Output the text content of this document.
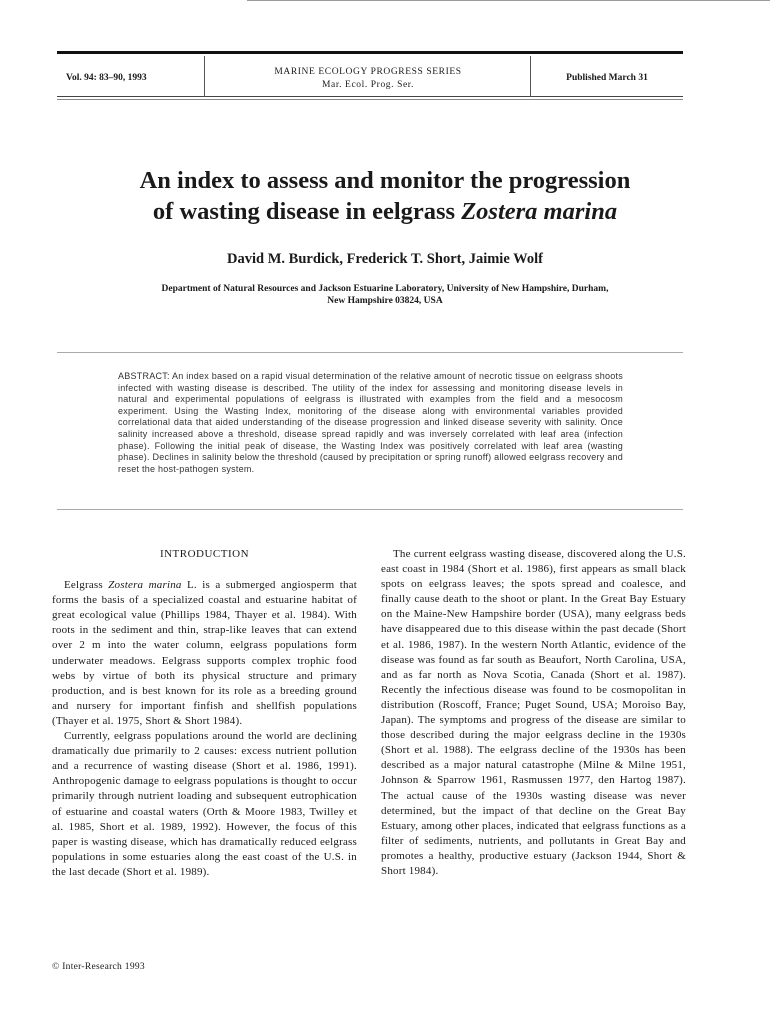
Vol. 94: 83–90, 1993
MARINE ECOLOGY PROGRESS SERIES
Mar. Ecol. Prog. Ser.
Published March 31
An index to assess and monitor the progression
of wasting disease in eelgrass Zostera marina
David M. Burdick, Frederick T. Short, Jaimie Wolf
Department of Natural Resources and Jackson Estuarine Laboratory, University of New Hampshire, Durham,
New Hampshire 03824, USA
ABSTRACT: An index based on a rapid visual determination of the relative amount of necrotic tissue on eelgrass shoots infected with wasting disease is described. The utility of the index for assessing and monitoring disease levels in natural and experimental populations of eelgrass is illustrated with examples from the field and a mesocosm experiment. Using the Wasting Index, monitoring of the disease along with environmental variables provided correlational data that aided understanding of the disease progression and linked disease severity with salinity. Once salinity increased above a threshold, disease spread rapidly and was inversely correlated with leaf area (infection phase). Following the initial peak of disease, the Wasting Index was positively correlated with leaf area (wasting phase). Declines in salinity below the threshold (caused by precipitation or spring runoff) allowed eelgrass recovery and reset the host-pathogen system.
INTRODUCTION

Eelgrass Zostera marina L. is a submerged angiosperm that forms the basis of a specialized coastal and estuarine habitat of great ecological value (Phillips 1984, Thayer et al. 1984). With roots in the sediment and thin, strap-like leaves that can extend over 2 m into the water column, eelgrass populations form underwater meadows. Eelgrass supports complex trophic food webs by virtue of both its physical structure and primary production, and is best known for its role as a breeding ground and nursery for important finfish and shellfish populations (Thayer et al. 1975, Short & Short 1984).

Currently, eelgrass populations around the world are declining dramatically due primarily to 2 causes: excess nutrient pollution and a recurrence of wasting disease (Short et al. 1986, 1991). Anthropogenic damage to eelgrass populations is thought to occur primarily through nutrient loading and subsequent eutrophication of estuarine and coastal waters (Orth & Moore 1983, Twilley et al. 1985, Short et al. 1989, 1992). However, the focus of this paper is wasting disease, which has dramatically reduced eelgrass populations in some estuaries along the east coast of the U.S. in the last decade (Short et al. 1989).

The current eelgrass wasting disease, discovered along the U.S. east coast in 1984 (Short et al. 1986), first appears as small black spots on eelgrass leaves; the spots spread and coalesce, and finally cause death to the shoot or plant. In the Great Bay Estuary on the Maine-New Hampshire border (USA), many eelgrass beds have disappeared due to this disease within the past decade (Short et al. 1986, 1987). In the western North Atlantic, evidence of the disease was found as far south as Beaufort, North Carolina, USA, and as far north as Nova Scotia, Canada (Short et al. 1987). Recently the infectious disease was found to be cosmopolitan in distribution (Roscoff, France; Puget Sound, USA; Moroiso Bay, Japan). The symptoms and progress of the disease are similar to those described during the major eelgrass decline in the 1930s (Short et al. 1988). The eelgrass decline of the 1930s has been described as a major natural catastrophe (Milne & Milne 1951, Johnson & Sparrow 1961, Rasmussen 1977, den Hartog 1987). The actual cause of the 1930s wasting disease was never determined, but the impact of that decline on the Great Bay Estuary, among other places, indicated that eelgrass functions as a filter of sediments, nutrients, and pollutants in Great Bay and promotes a healthy, productive estuary (Jackson 1944, Short & Short 1984).

© Inter-Research 1993
